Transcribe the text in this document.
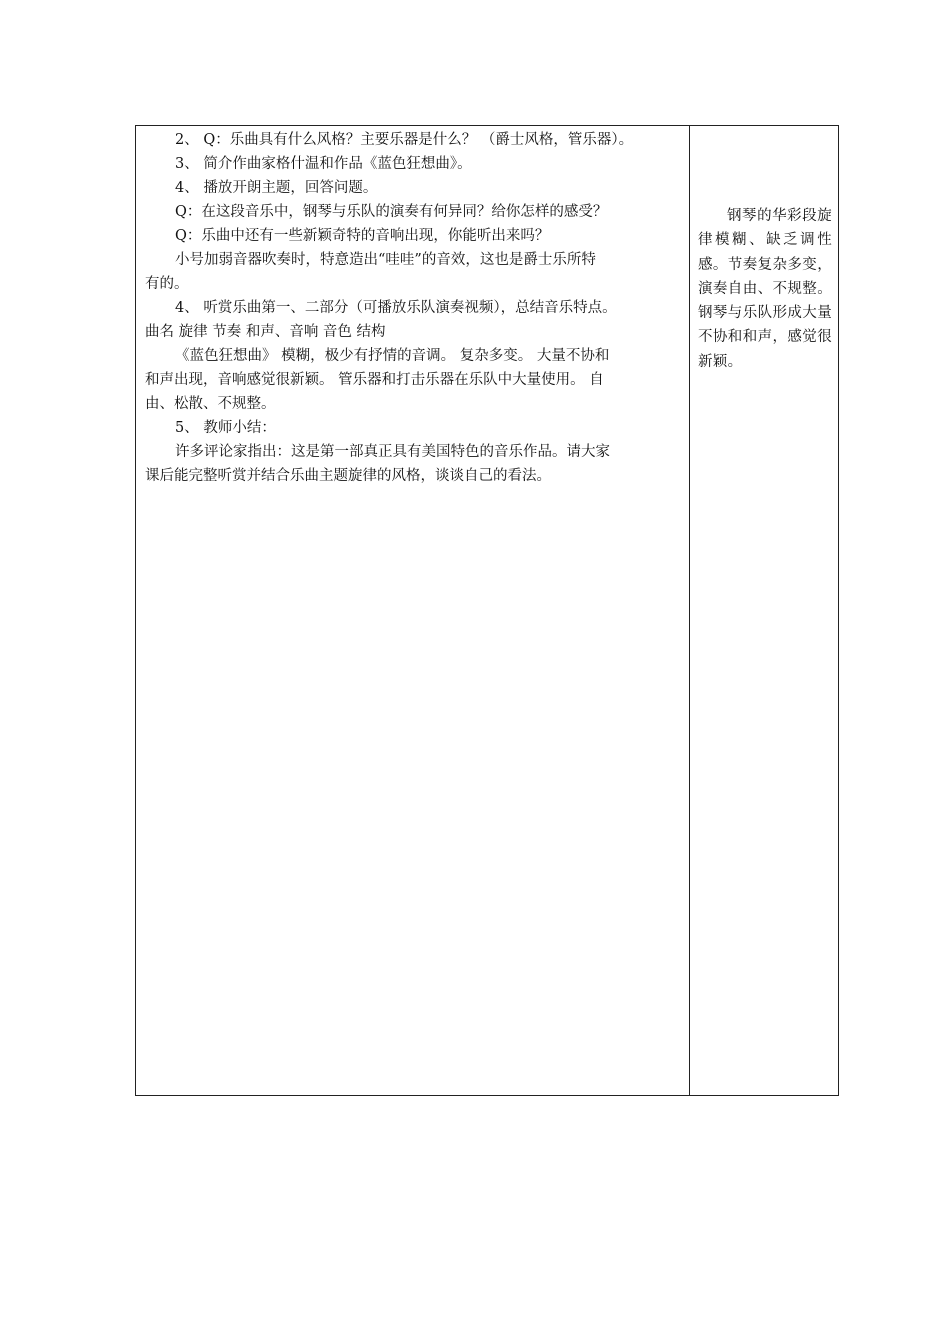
2、 Q：乐曲具有什么风格？主要乐器是什么？ （爵士风格，管乐器）。
3、 简介作曲家格什温和作品《蓝色狂想曲》。
4、 播放开朗主题，回答问题。
Q：在这段音乐中，钢琴与乐队的演奏有何异同？给你怎样的感受？
Q：乐曲中还有一些新颖奇特的音响出现，你能听出来吗？
小号加弱音器吹奏时，特意造出“哇哇”的音效，这也是爵士乐所特
有的。
4、 听赏乐曲第一、二部分（可播放乐队演奏视频），总结音乐特点。
曲名 旋律 节奏 和声、音响 音色 结构
《蓝色狂想曲》 模糊，极少有抒情的音调。 复杂多变。 大量不协和
和声出现，音响感觉很新颖。 管乐器和打击乐器在乐队中大量使用。 自
由、松散、不规整。
5、 教师小结：
许多评论家指出：这是第一部真正具有美国特色的音乐作品。请大家
课后能完整听赏并结合乐曲主题旋律的风格，谈谈自己的看法。
钢琴的华彩段旋律模糊、缺乏调性感。节奏复杂多变，演奏自由、不规整。钢琴与乐队形成大量不协和和声，感觉很新颖。
